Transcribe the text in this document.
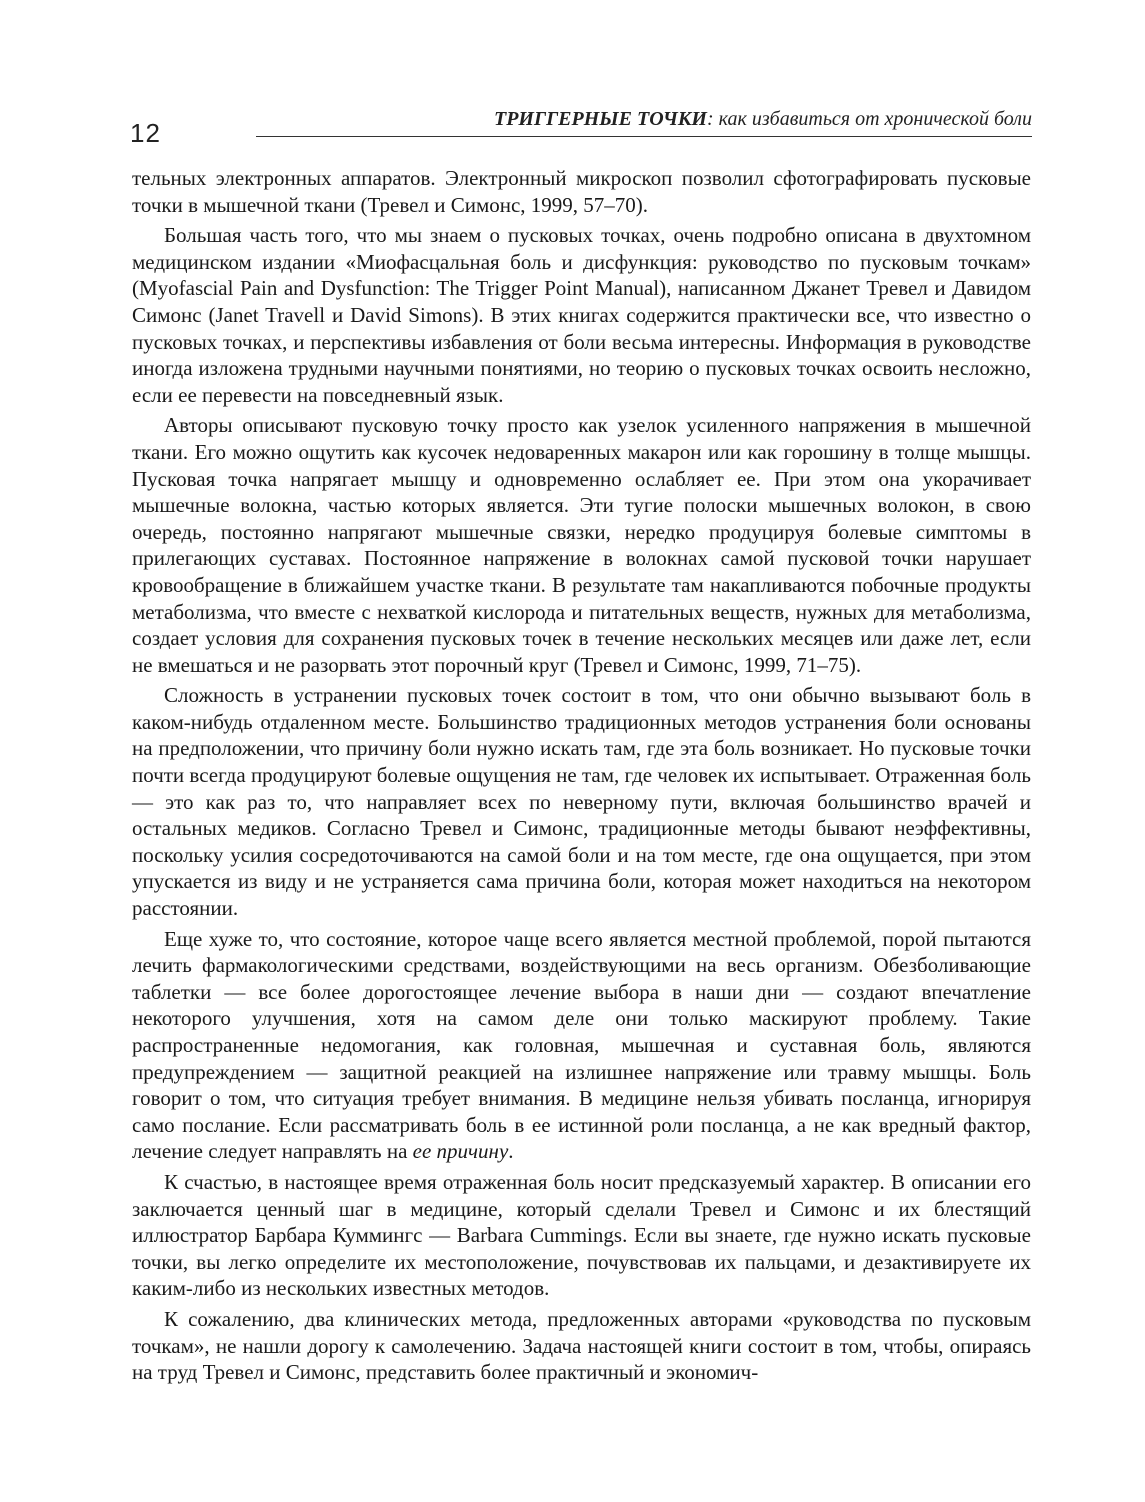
12	ТРИГГЕРНЫЕ ТОЧКИ: как избавиться от хронической боли

тельных электронных аппаратов. Электронный микроскоп позволил сфотографировать пусковые точки в мышечной ткани (Тревел и Симонс, 1999, 57–70).

Большая часть того, что мы знаем о пусковых точках, очень подробно описана в двухтомном медицинском издании «Миофасцальная боль и дисфункция: руководство по пусковым точкам» (Myofascial Pain and Dysfunction: The Trigger Point Manual), написанном Джанет Тревел и Давидом Симонс (Janet Travell и David Simons). В этих книгах содержится практически все, что известно о пусковых точках, и перспективы избавления от боли весьма интересны. Информация в руководстве иногда изложена трудными научными понятиями, но теорию о пусковых точках освоить несложно, если ее перевести на повседневный язык.

Авторы описывают пусковую точку просто как узелок усиленного напряжения в мышечной ткани. Его можно ощутить как кусочек недоваренных макарон или как горошину в толще мышцы. Пусковая точка напрягает мышцу и одновременно ослабляет ее. При этом она укорачивает мышечные волокна, частью которых является. Эти тугие полоски мышечных волокон, в свою очередь, постоянно напрягают мышечные связки, нередко продуцируя болевые симптомы в прилегающих суставах. Постоянное напряжение в волокнах самой пусковой точки нарушает кровообращение в ближайшем участке ткани. В результате там накапливаются побочные продукты метаболизма, что вместе с нехваткой кислорода и питательных веществ, нужных для метаболизма, создает условия для сохранения пусковых точек в течение нескольких месяцев или даже лет, если не вмешаться и не разорвать этот порочный круг (Тревел и Симонс, 1999, 71–75).

Сложность в устранении пусковых точек состоит в том, что они обычно вызывают боль в каком-нибудь отдаленном месте. Большинство традиционных методов устранения боли основаны на предположении, что причину боли нужно искать там, где эта боль возникает. Но пусковые точки почти всегда продуцируют болевые ощущения не там, где человек их испытывает. Отраженная боль — это как раз то, что направляет всех по неверному пути, включая большинство врачей и остальных медиков. Согласно Тревел и Симонс, традиционные методы бывают неэффективны, поскольку усилия сосредоточиваются на самой боли и на том месте, где она ощущается, при этом упускается из виду и не устраняется сама причина боли, которая может находиться на некотором расстоянии.

Еще хуже то, что состояние, которое чаще всего является местной проблемой, порой пытаются лечить фармакологическими средствами, воздействующими на весь организм. Обезболивающие таблетки — все более дорогостоящее лечение выбора в наши дни — создают впечатление некоторого улучшения, хотя на самом деле они только маскируют проблему. Такие распространенные недомогания, как головная, мышечная и суставная боль, являются предупреждением — защитной реакцией на излишнее напряжение или травму мышцы. Боль говорит о том, что ситуация требует внимания. В медицине нельзя убивать посланца, игнорируя само послание. Если рассматривать боль в ее истинной роли посланца, а не как вредный фактор, лечение следует направлять на ее причину.

К счастью, в настоящее время отраженная боль носит предсказуемый характер. В описании его заключается ценный шаг в медицине, который сделали Тревел и Симонс и их блестящий иллюстратор Барбара Куммингс — Barbara Cummings. Если вы знаете, где нужно искать пусковые точки, вы легко определите их местоположение, почувствовав их пальцами, и дезактивируете их каким-либо из нескольких известных методов.

К сожалению, два клинических метода, предложенных авторами «руководства по пусковым точкам», не нашли дорогу к самолечению. Задача настоящей книги состоит в том, чтобы, опираясь на труд Тревел и Симонс, представить более практичный и экономич-
